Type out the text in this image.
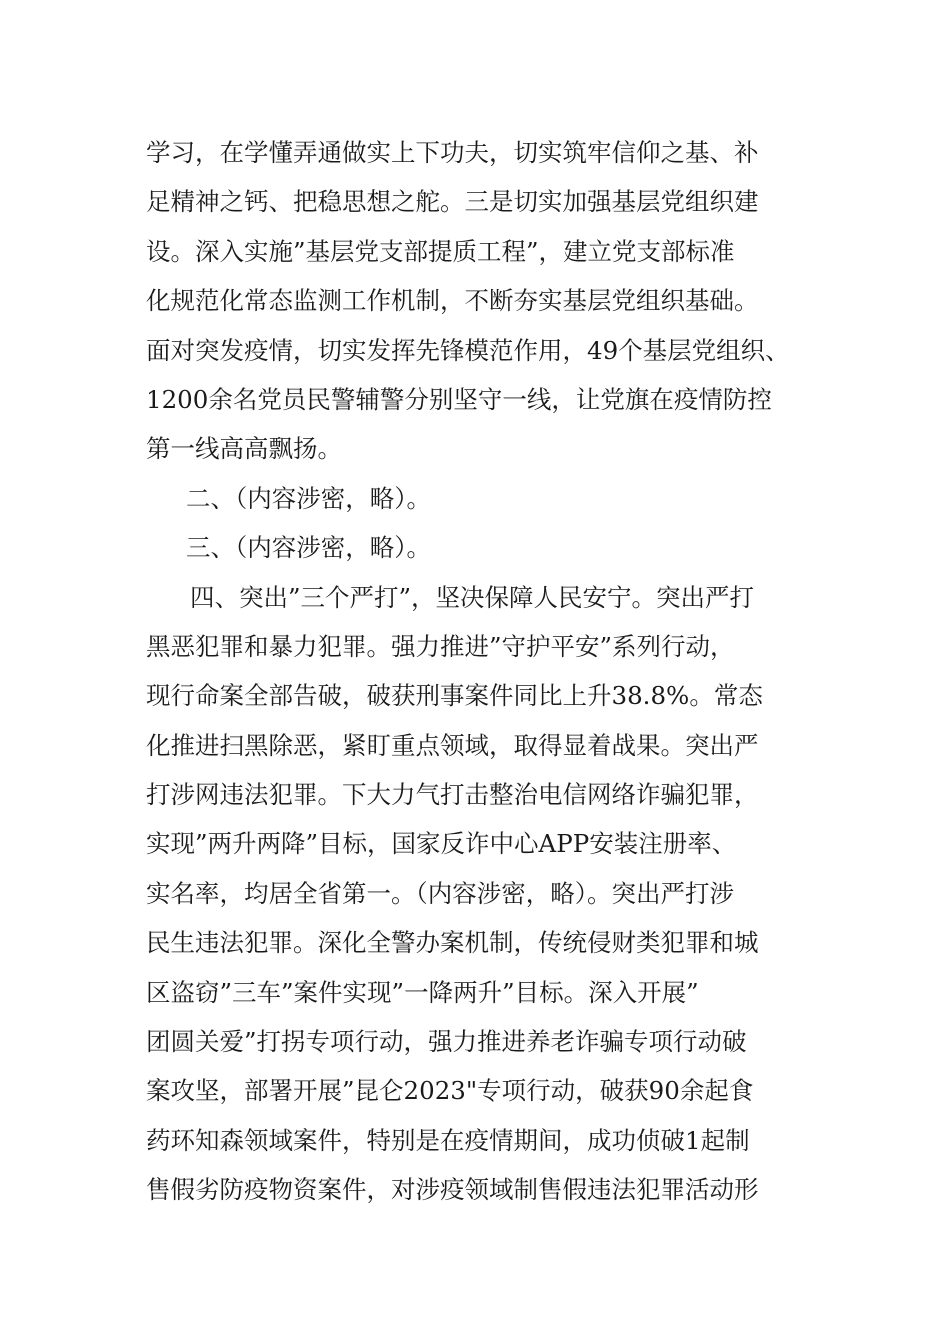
学习，在学懂弄通做实上下功夫，切实筑牢信仰之基、补
足精神之钙、把稳思想之舵。三是切实加强基层党组织建
设。深入实施”基层党支部提质工程”，建立党支部标准
化规范化常态监测工作机制，不断夯实基层党组织基础。
面对突发疫情，切实发挥先锋模范作用，49个基层党组织、
1200余名党员民警辅警分别坚守一线，让党旗在疫情防控
第一线高高飘扬。
二、（内容涉密，略）。
三、（内容涉密，略）。
四、突出”三个严打”，坚决保障人民安宁。突出严打
黑恶犯罪和暴力犯罪。强力推进”守护平安”系列行动，
现行命案全部告破，破获刑事案件同比上升38.8%。常态
化推进扫黑除恶，紧盯重点领域，取得显着战果。突出严
打涉网违法犯罪。下大力气打击整治电信网络诈骗犯罪，
实现”两升两降”目标，国家反诈中心APP安装注册率、
实名率，均居全省第一。（内容涉密，略）。突出严打涉
民生违法犯罪。深化全警办案机制，传统侵财类犯罪和城
区盗窃”三车”案件实现”一降两升”目标。深入开展”
团圆关爱”打拐专项行动，强力推进养老诈骗专项行动破
案攻坚，部署开展”昆仑2023"专项行动，破获90余起食
药环知森领域案件，特别是在疫情期间，成功侦破1起制
售假劣防疫物资案件，对涉疫领域制售假违法犯罪活动形
